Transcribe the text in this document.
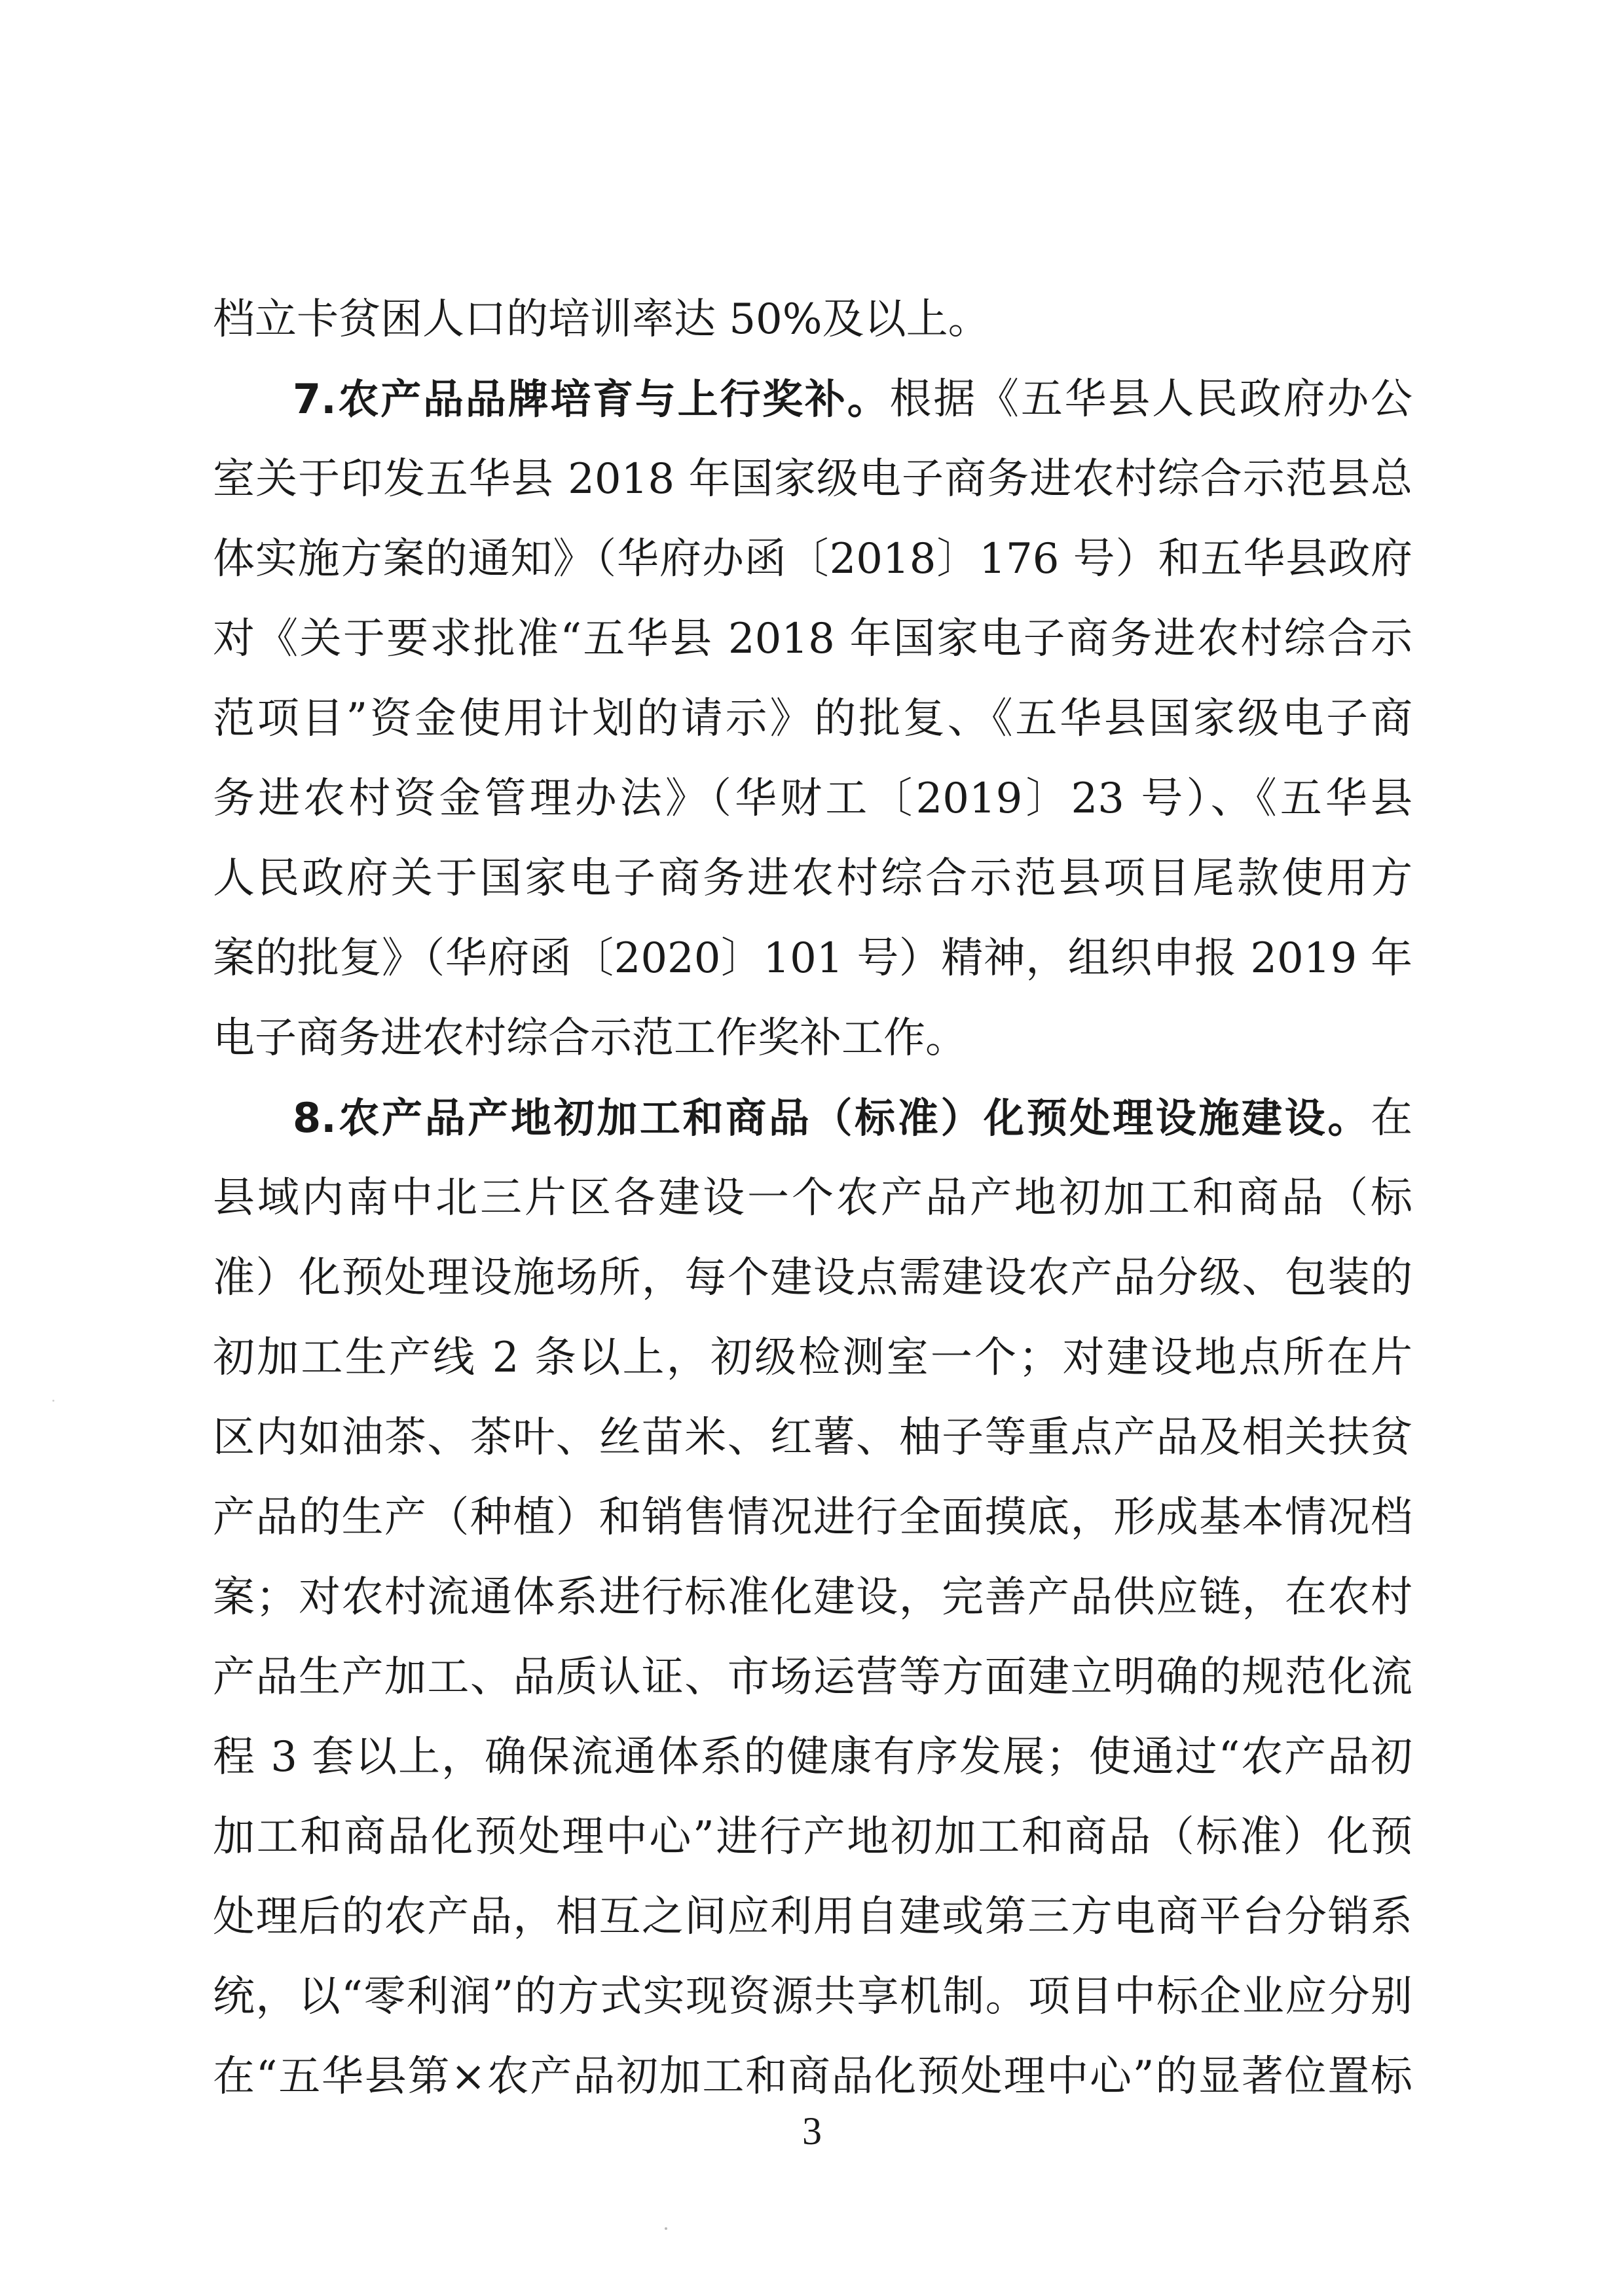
档立卡贫困人口的培训率达 50%及以上。
7.农产品品牌培育与上行奖补。根据《五华县人民政府办公
室关于印发五华县 2018 年国家级电子商务进农村综合示范县总
体实施方案的通知》（华府办函〔2018〕176 号）和五华县政府
对《关于要求批准“五华县 2018 年国家电子商务进农村综合示
范项目”资金使用计划的请示》的批复、《五华县国家级电子商
务进农村资金管理办法》（华财工〔2019〕23 号）、《五华县
人民政府关于国家电子商务进农村综合示范县项目尾款使用方
案的批复》（华府函〔2020〕101 号）精神，组织申报 2019 年
电子商务进农村综合示范工作奖补工作。
8.农产品产地初加工和商品（标准）化预处理设施建设。在
县域内南中北三片区各建设一个农产品产地初加工和商品（标
准）化预处理设施场所，每个建设点需建设农产品分级、包装的
初加工生产线 2 条以上，初级检测室一个；对建设地点所在片
区内如油茶、茶叶、丝苗米、红薯、柚子等重点产品及相关扶贫
产品的生产（种植）和销售情况进行全面摸底，形成基本情况档
案；对农村流通体系进行标准化建设，完善产品供应链，在农村
产品生产加工、品质认证、市场运营等方面建立明确的规范化流
程 3 套以上，确保流通体系的健康有序发展；使通过“农产品初
加工和商品化预处理中心”进行产地初加工和商品（标准）化预
处理后的农产品，相互之间应利用自建或第三方电商平台分销系
统，以“零利润”的方式实现资源共享机制。项目中标企业应分别
在“五华县第×农产品初加工和商品化预处理中心”的显著位置标
3
